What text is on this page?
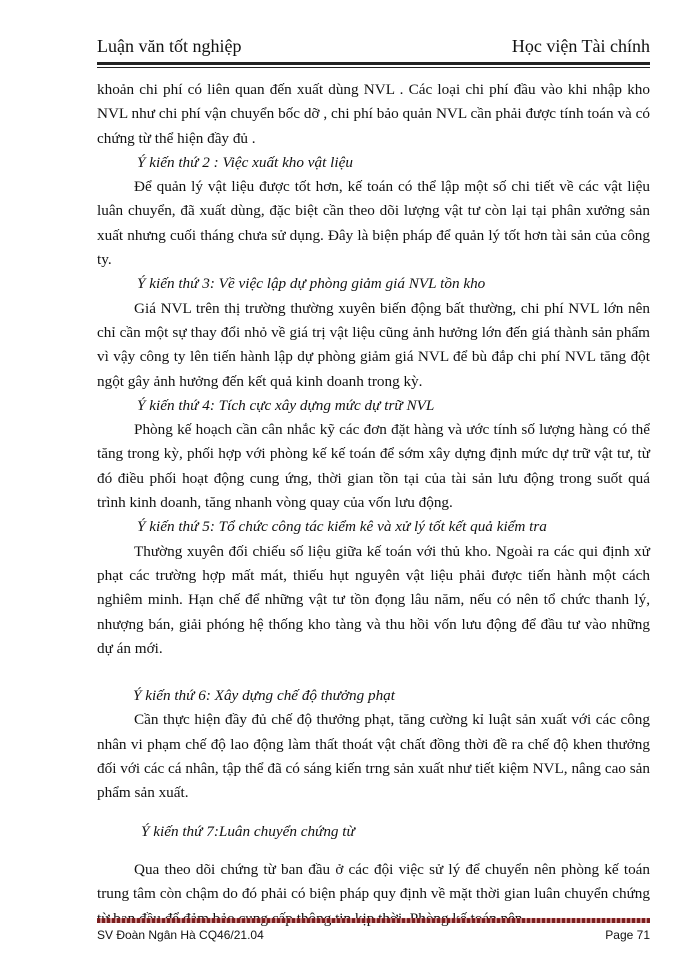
Luận văn tốt nghiệp	Học viện Tài chính

khoản chi phí có liên quan đến xuất dùng NVL . Các loại chi phí đầu vào khi nhập kho NVL như chi phí vận chuyển bốc dỡ , chi phí bảo quản NVL cần phải được tính toán và có chứng từ thể hiện đầy đủ .

Ý kiến thứ 2 : Việc xuất kho vật liệu

Để quản lý vật liệu được tốt hơn, kế toán có thể lập một số chi tiết về các vật liệu luân chuyển, đã xuất dùng, đặc biệt cần theo dõi lượng vật tư còn lại tại phân xưởng sản xuất nhưng cuối tháng chưa sử dụng. Đây là biện pháp để quản lý tốt hơn tài sản của công ty.

Ý kiến thứ 3: Về việc lập dự phòng giảm giá NVL tồn kho

Giá NVL trên thị trường thường xuyên biến động bất thường, chi phí NVL lớn nên chỉ cần một sự thay đổi nhỏ về giá trị vật liệu cũng ảnh hưởng lớn đến giá thành sản phẩm vì vậy công ty lên tiến hành lập dự phòng giảm giá NVL để bù đắp chi phí NVL tăng đột ngột gây ảnh hưởng đến kết quả kinh doanh trong kỳ.

Ý kiến thứ 4: Tích cực xây dựng mức dự trữ NVL

Phòng kế hoạch cần cân nhắc kỹ các đơn đặt hàng và ước tính số lượng hàng có thể tăng trong kỳ, phối hợp với phòng kế kế toán để sớm xây dựng định mức dự trữ vật tư, từ đó điều phối hoạt động cung ứng, thời gian tồn tại của tài sản lưu động trong suốt quá trình kinh doanh, tăng nhanh vòng quay của vốn lưu động.

Ý kiến thứ 5: Tổ chức công tác kiểm kê và xử lý tốt kết quả kiểm tra

Thường xuyên đối chiếu số liệu giữa kế toán với thủ kho. Ngoài ra các qui định xử phạt các trường hợp mất mát, thiếu hụt nguyên vật liệu phải được tiến hành một cách nghiêm minh. Hạn chế để những vật tư tồn đọng lâu năm, nếu có nên tổ chức thanh lý, nhượng bán, giải phóng hệ thống kho tàng và thu hồi vốn lưu động để đầu tư vào những dự án mới.

Ý kiến thứ 6: Xây dựng chế độ thưởng phạt

Cần thực hiện đầy đủ chế độ thưởng phạt, tăng cường kỉ luật sản xuất với các công nhân vi phạm chế độ lao động làm thất thoát vật chất đồng thời đề ra chế độ khen thưởng đối với các cá nhân, tập thể đã có sáng kiến trng sản xuất như tiết kiệm NVL, nâng cao sản phẩm sản xuất.

Ý kiến thứ 7:Luân chuyển chứng từ

Qua theo dõi chứng từ ban đầu ở các đội việc sử lý để chuyển nên phòng kế toán trung tâm còn chậm do đó phải có biện pháp quy định về mặt thời gian luân chuyển chứng

SV Đoàn Ngân Hà CQ46/21.04	Page 71
